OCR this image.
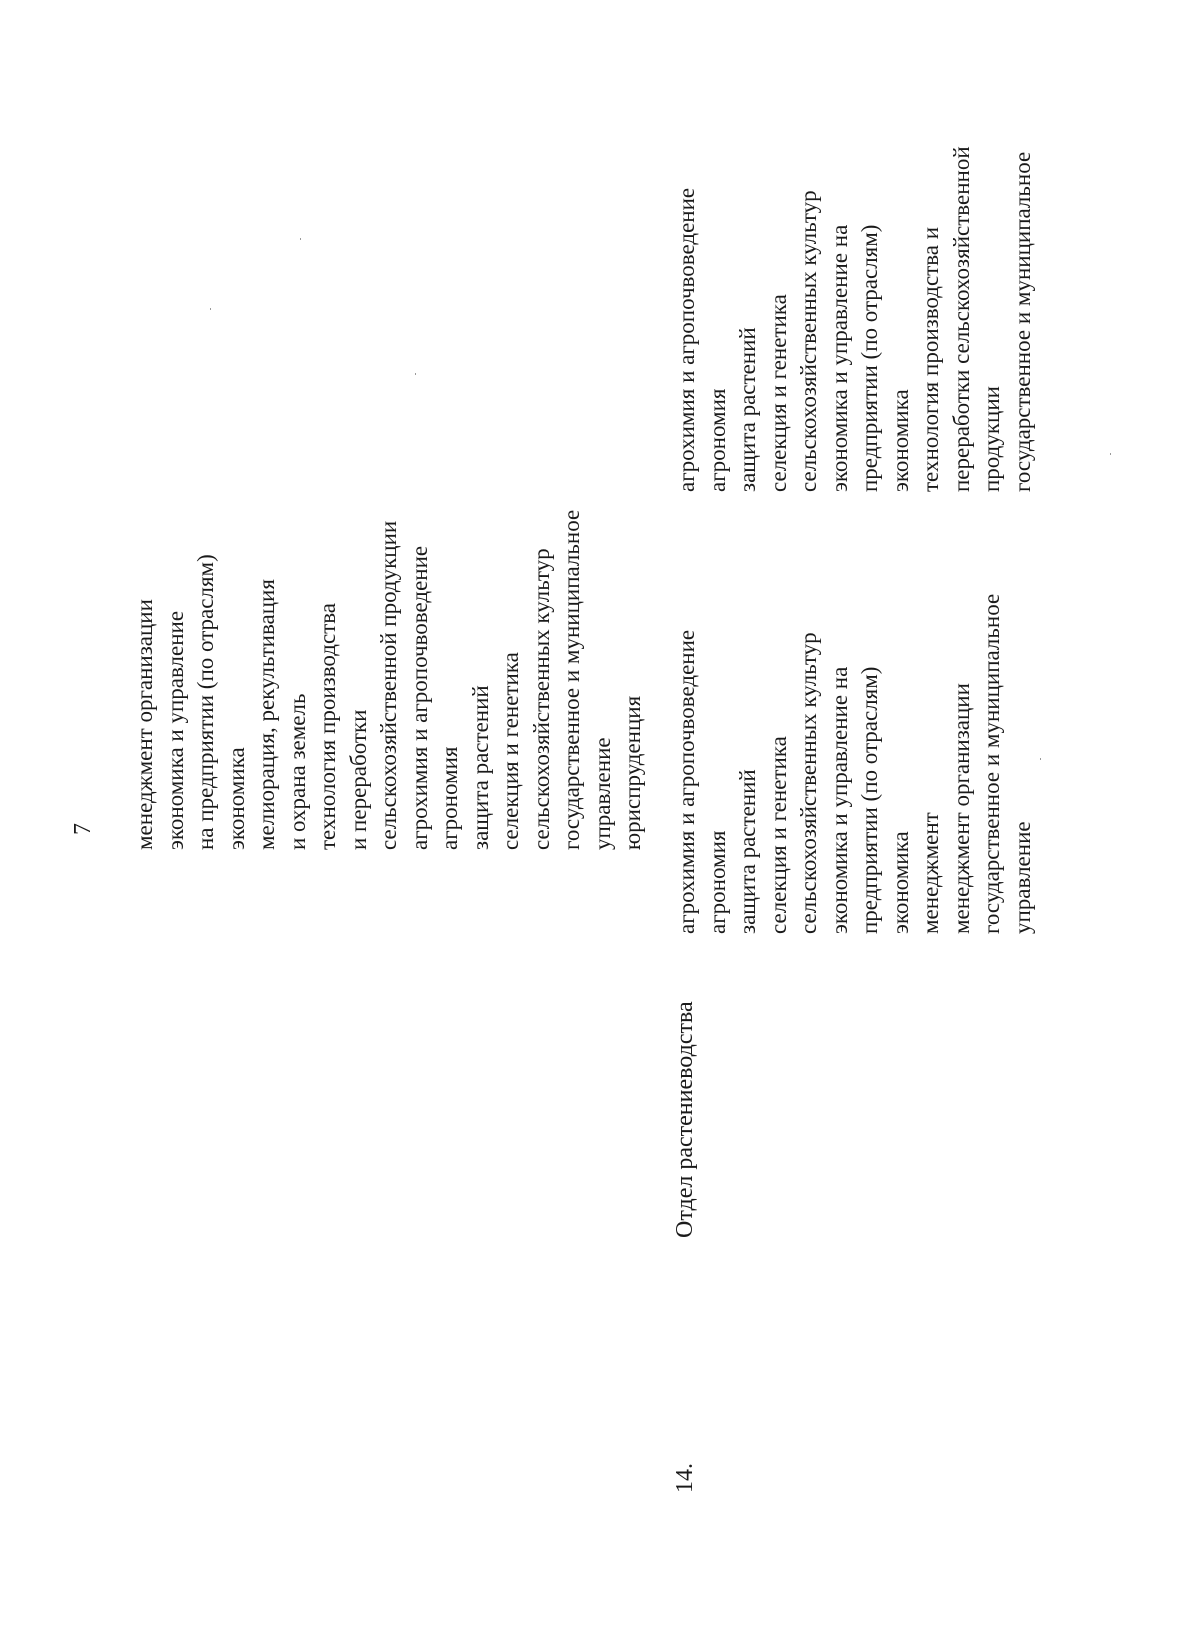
7 менеджмент организации экономика и управление на предприятии (по отраслям) экономика мелиорация, рекультивация и охрана земель технология производства и переработки сельскохозяйственной продукции агрохимия и агропочвоведение агрономия защита растений селекция и генетика сельскохозяйственных культур государственное и муниципальное управление юриспруденция
14.
Отдел растениеводства
агрохимия и агропочвоведение агрономия защита растений селекция и генетика сельскохозяйственных культур экономика и управление на предприятии (по отраслям) экономика менеджмент менеджмент организации государственное и муниципальное управление
агрохимия и агропочвоведение агрономия защита растений селекция и генетика сельскохозяйственных культур экономика и управление на предприятии (по отраслям) экономика технология производства и переработки сельскохозяйственной продукции государственное и муниципальное
